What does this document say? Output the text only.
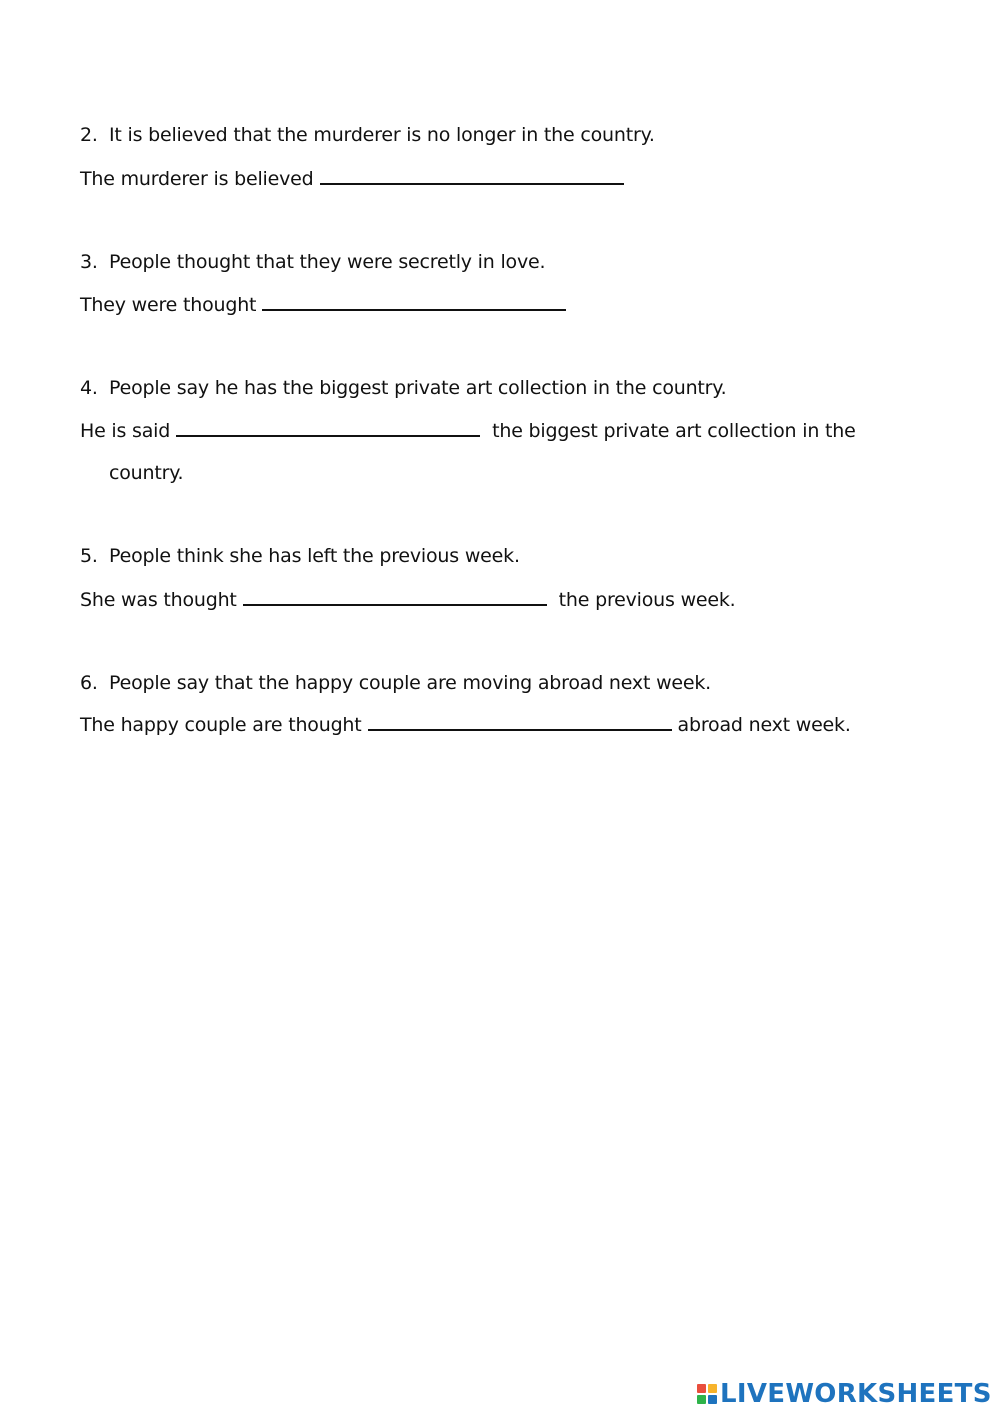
2. It is believed that the murderer is no longer in the country.

The murderer is believed

3. People thought that they were secretly in love.

They were thought

4. People say he has the biggest private art collection in the country.

He is said	the biggest private art collection in the

country.

5. People think she has left the previous week.

She was thought	the previous week.

6. People say that the happy couple are moving abroad next week.

The happy couple are thought	abroad next week.

LIVEWORKSHEETS
